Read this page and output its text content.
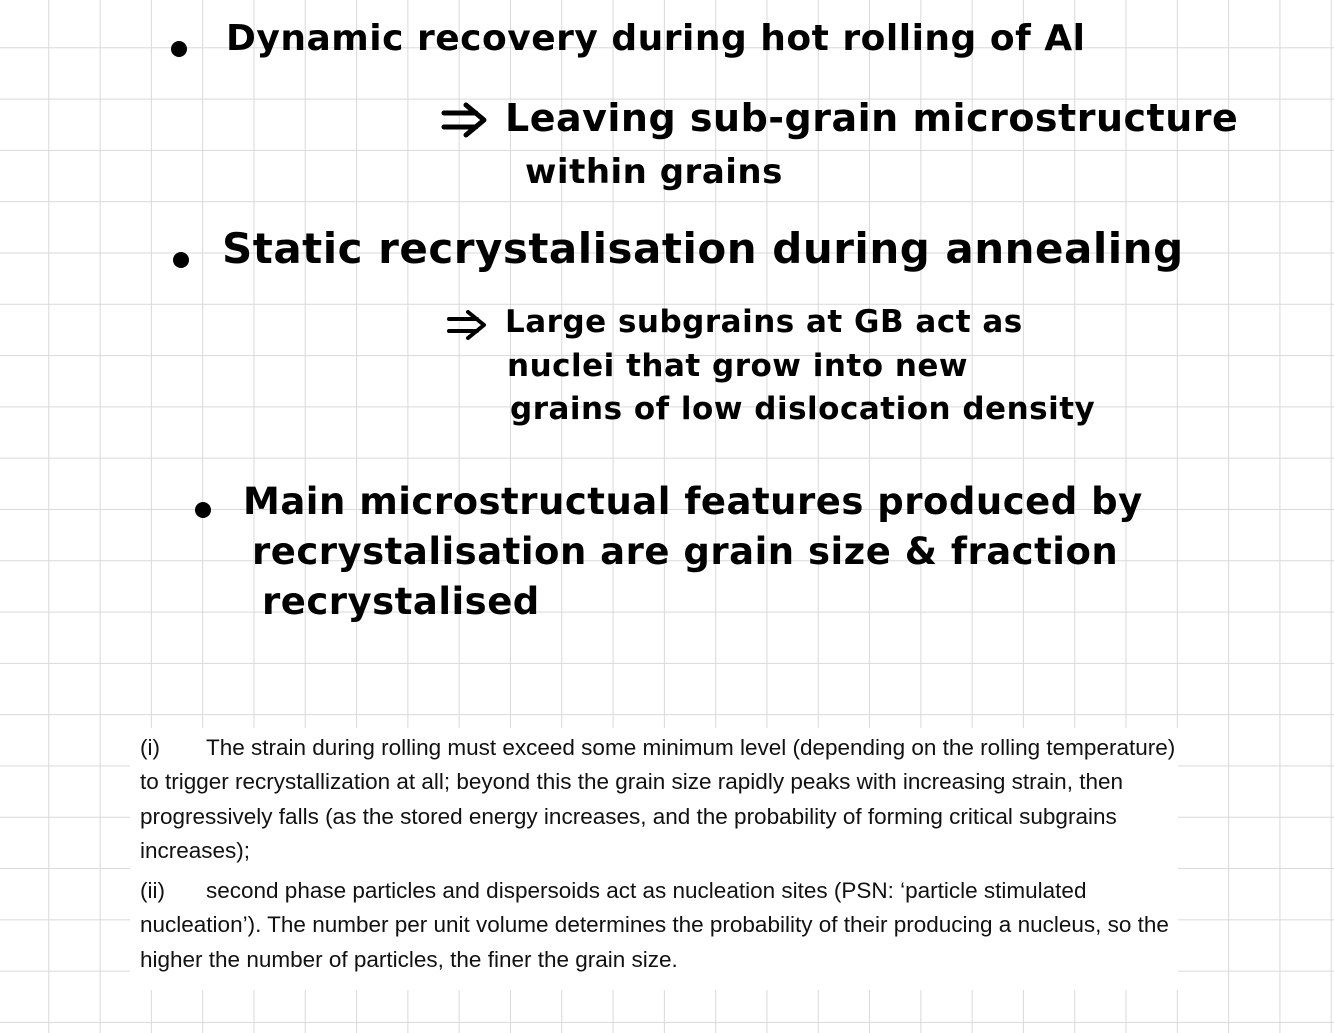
Dynamic recovery during hot rolling of Al
Leaving sub-grain microstructure
within grains
Static recrystalisation during annealing
Large subgrains at GB act as
nuclei that grow into new
grains of low dislocation density
Main microstructual features produced by
recrystalisation are grain size & fraction
recrystalised

(i) The strain during rolling must exceed some minimum level (depending on the rolling temperature) to trigger recrystallization at all; beyond this the grain size rapidly peaks with increasing strain, then progressively falls (as the stored energy increases, and the probability of forming critical subgrains increases);

(ii) second phase particles and dispersoids act as nucleation sites (PSN: ‘particle stimulated nucleation’). The number per unit volume determines the probability of their producing a nucleus, so the higher the number of particles, the finer the grain size.
